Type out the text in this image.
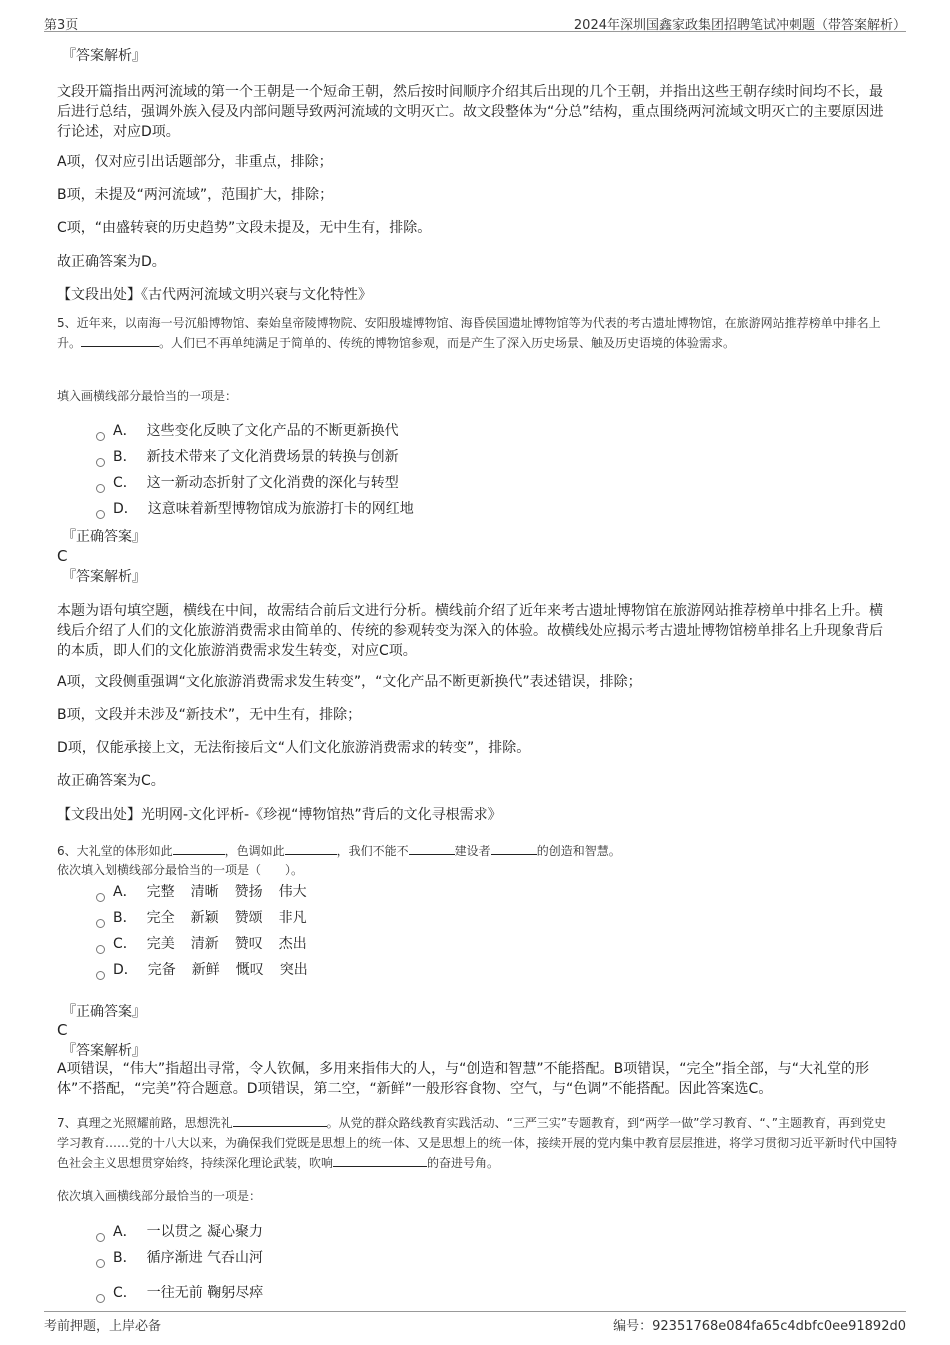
第3页	2024年深圳国鑫家政集团招聘笔试冲刺题（带答案解析）
『答案解析』
文段开篇指出两河流域的第一个王朝是一个短命王朝，然后按时间顺序介绍其后出现的几个王朝，并指出这些王朝存续时间均不长，最后进行总结，强调外族入侵及内部问题导致两河流域的文明灭亡。故文段整体为“分总”结构，重点围绕两河流域文明灭亡的主要原因进行论述，对应D项。
A项，仅对应引出话题部分，非重点，排除；
B项，未提及“两河流域”，范围扩大，排除；
C项，“由盛转衰的历史趋势”文段未提及，无中生有，排除。
故正确答案为D。
【文段出处】《古代两河流域文明兴衰与文化特性》
5、近年来，以南海一号沉船博物馆、秦始皇帝陵博物院、安阳殷墟博物馆、海昏侯国遗址博物馆等为代表的考古遗址博物馆，在旅游网站推荐榜单中排名上升。	。人们已不再单纯满足于简单的、传统的博物馆参观，而是产生了深入历史场景、触及历史语境的体验需求。
填入画横线部分最恰当的一项是：
A． 这些变化反映了文化产品的不断更新换代
B． 新技术带来了文化消费场景的转换与创新
C． 这一新动态折射了文化消费的深化与转型
D． 这意味着新型博物馆成为旅游打卡的网红地
『正确答案』
C
『答案解析』
本题为语句填空题，横线在中间，故需结合前后文进行分析。横线前介绍了近年来考古遗址博物馆在旅游网站推荐榜单中排名上升。横线后介绍了人们的文化旅游消费需求由简单的、传统的参观转变为深入的体验。故横线处应揭示考古遗址博物馆榜单排名上升现象背后的本质，即人们的文化旅游消费需求发生转变，对应C项。
A项，文段侧重强调“文化旅游消费需求发生转变”，“文化产品不断更新换代”表述错误，排除；
B项，文段并未涉及“新技术”，无中生有，排除；
D项，仅能承接上文，无法衔接后文“人们文化旅游消费需求的转变”，排除。
故正确答案为C。
【文段出处】光明网-文化评析-《珍视“博物馆热”背后的文化寻根需求》
6、大礼堂的体形如此	，色调如此	，我们不能不	建设者	的创造和智慧。
依次填入划横线部分最恰当的一项是（　　）。
A． 完整 清晰 赞扬 伟大
B． 完全 新颖 赞颂 非凡
C． 完美 清新 赞叹 杰出
D． 完备 新鲜 慨叹 突出
『正确答案』
C
『答案解析』
A项错误，“伟大”指超出寻常，令人钦佩，多用来指伟大的人，与“创造和智慧”不能搭配。B项错误，“完全”指全部，与“大礼堂的形体”不搭配，“完美”符合题意。D项错误，第二空，“新鲜”一般形容食物、空气，与“色调”不能搭配。因此答案选C。
7、真理之光照耀前路，思想洗礼	。从党的群众路线教育实践活动、“三严三实”专题教育，到“两学一做”学习教育、“、”主题教育，再到党史学习教育……党的十八大以来，为确保我们党既是思想上的统一体、又是思想上的统一体，接续开展的党内集中教育层层推进，将学习贯彻习近平新时代中国特色社会主义思想贯穿始终，持续深化理论武装，吹响	的奋进号角。
依次填入画横线部分最恰当的一项是：
A． 一以贯之 凝心聚力
B． 循序渐进 气吞山河
C． 一往无前 鞠躬尽瘁
考前押题，上岸必备	编号：92351768e084fa65c4dbfc0ee91892d0
